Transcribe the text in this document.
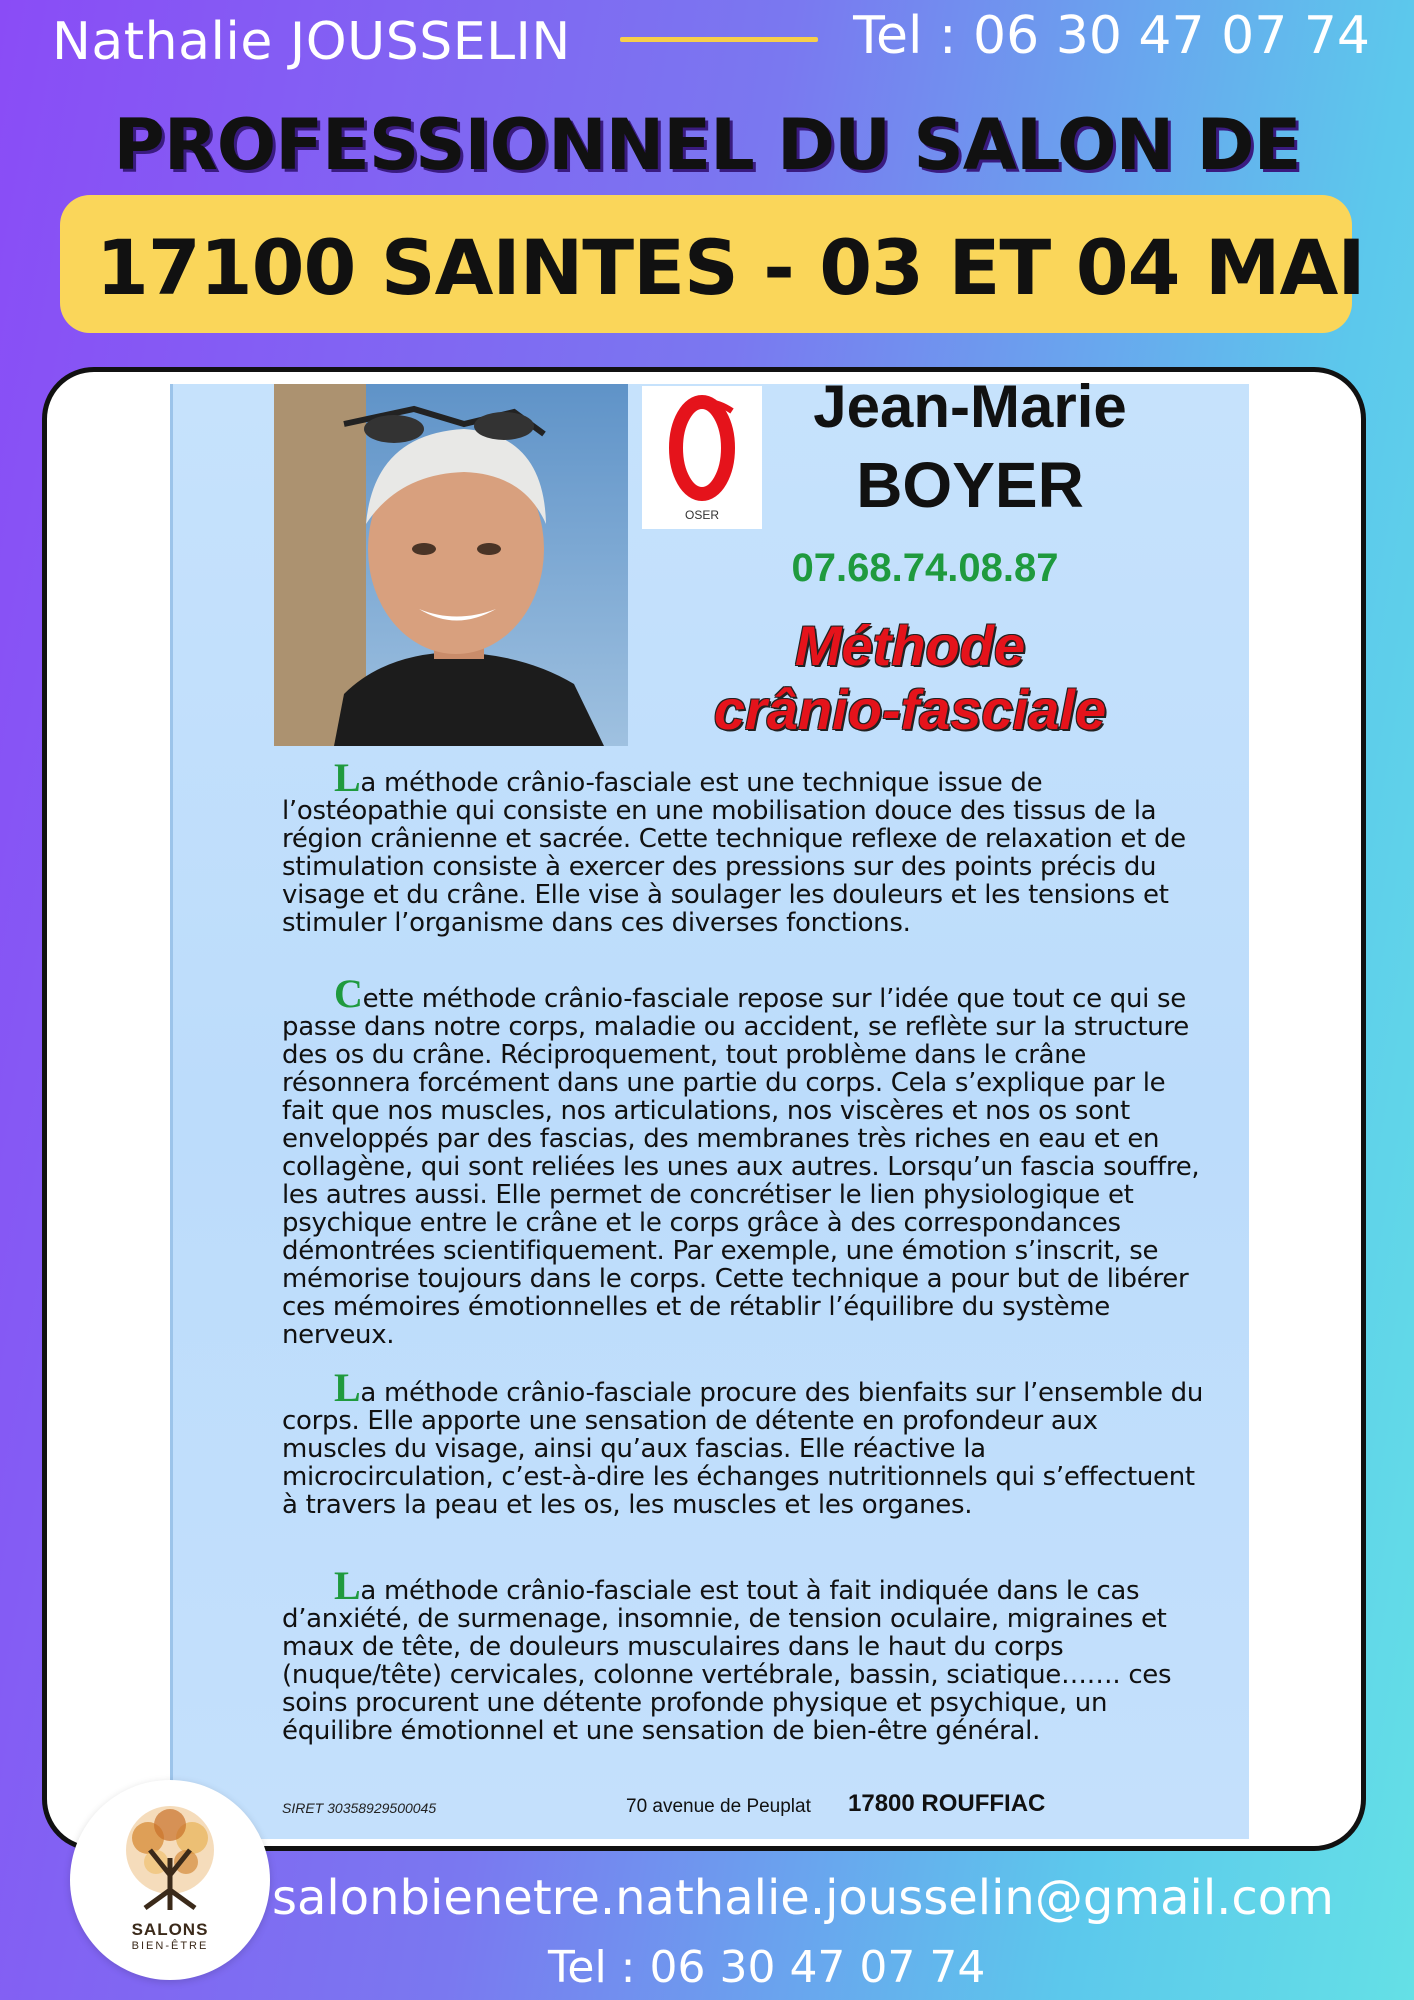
Nathalie JOUSSELIN	Tel : 06 30 47 07 74
PROFESSIONNEL DU SALON DE
17100 SAINTES - 03 ET 04 MAI
OSER
Jean-Marie
BOYER
07.68.74.08.87
Méthode
crânio-fasciale

La méthode crânio-fasciale est une technique issue de l’ostéopathie qui consiste en une mobilisation douce des tissus de la région crânienne et sacrée. Cette technique reflexe de relaxation et de stimulation consiste à exercer des pressions sur des points précis du visage et du crâne. Elle vise à soulager les douleurs et les tensions et stimuler l’organisme dans ces diverses fonctions.

Cette méthode crânio-fasciale repose sur l’idée que tout ce qui se passe dans notre corps, maladie ou accident, se reflète sur la structure des os du crâne. Réciproquement, tout problème dans le crâne résonnera forcément dans une partie du corps. Cela s’explique par le fait que nos muscles, nos articulations, nos viscères et nos os sont enveloppés par des fascias, des membranes très riches en eau et en collagène, qui sont reliées les unes aux autres. Lorsqu’un fascia souffre, les autres aussi. Elle permet de concrétiser le lien physiologique et psychique entre le crâne et le corps grâce à des correspondances démontrées scientifiquement. Par exemple, une émotion s’inscrit, se mémorise toujours dans le corps. Cette technique a pour but de libérer ces mémoires émotionnelles et de rétablir l’équilibre du système nerveux.

La méthode crânio-fasciale procure des bienfaits sur l’ensemble du corps. Elle apporte une sensation de détente en profondeur aux muscles du visage, ainsi qu’aux fascias. Elle réactive la microcirculation, c’est-à-dire les échanges nutritionnels qui s’effectuent à travers la peau et les os, les muscles et les organes.

La méthode crânio-fasciale est tout à fait indiquée dans le cas d’anxiété, de surmenage, insomnie, de tension oculaire, migraines et maux de tête, de douleurs musculaires dans le haut du corps (nuque/tête) cervicales, colonne vertébrale, bassin, sciatique……. ces soins procurent une détente profonde physique et psychique, un équilibre émotionnel et une sensation de bien-être général.

SIRET 30358929500045	70 avenue de Peuplat 17800 ROUFFIAC
✦
✦
SALONS
BIEN-ÊTRE
salonbienetre.nathalie.jousselin@gmail.com
Tel : 06 30 47 07 74
